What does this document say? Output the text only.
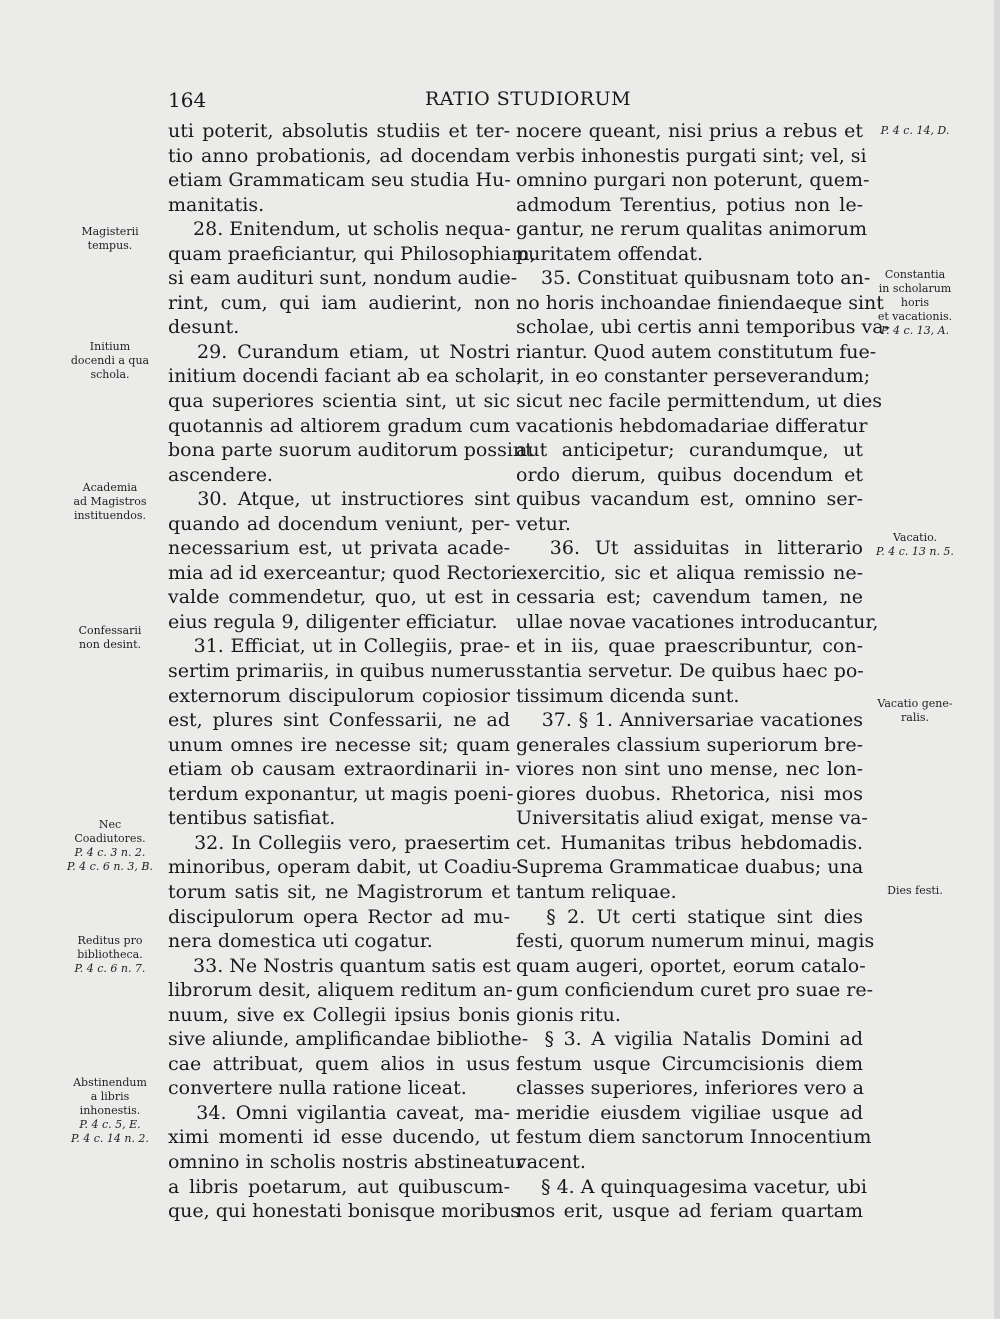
164	RATIO STUDIORUM

uti poterit, absolutis studiis et ter-

tio anno probationis, ad docendam

etiam Grammaticam seu studia Hu-

manitatis.

  28. Enitendum, ut scholis nequa-

quam praeficiantur, qui Philosophiam,

si eam audituri sunt, nondum audie-

rint, cum, qui iam audierint, non

desunt.

  29. Curandum etiam, ut Nostri

initium docendi faciant ab ea schola,

qua superiores scientia sint, ut sic

quotannis ad altiorem gradum cum

bona parte suorum auditorum possint

ascendere.

  30. Atque, ut instructiores sint

quando ad docendum veniunt, per-

necessarium est, ut privata acade-

mia ad id exerceantur; quod Rectori

valde commendetur, quo, ut est in

eius regula 9, diligenter efficiatur.

  31. Efficiat, ut in Collegiis, prae-

sertim primariis, in quibus numerus

externorum discipulorum copiosior

est, plures sint Confessarii, ne ad

unum omnes ire necesse sit; quam

etiam ob causam extraordinarii in-

terdum exponantur, ut magis poeni-

tentibus satisfiat.

  32. In Collegiis vero, praesertim

minoribus, operam dabit, ut Coadiu-

torum satis sit, ne Magistrorum et

discipulorum opera Rector ad mu-

nera domestica uti cogatur.

  33. Ne Nostris quantum satis est

librorum desit, aliquem reditum an-

nuum, sive ex Collegii ipsius bonis

sive aliunde, amplificandae bibliothe-

cae attribuat, quem alios in usus

convertere nulla ratione liceat.

  34. Omni vigilantia caveat, ma-

ximi momenti id esse ducendo, ut

omnino in scholis nostris abstineatur

a libris poetarum, aut quibuscum-

que, qui honestati bonisque moribus

nocere queant, nisi prius a rebus et

verbis inhonestis purgati sint; vel, si

omnino purgari non poterunt, quem-

admodum Terentius, potius non le-

gantur, ne rerum qualitas animorum

puritatem offendat.

  35. Constituat quibusnam toto an-

no horis inchoandae finiendaeque sint

scholae, ubi certis anni temporibus va-

riantur. Quod autem constitutum fue-

rit, in eo constanter perseverandum;

sicut nec facile permittendum, ut dies

vacationis hebdomadariae differatur

aut anticipetur; curandumque, ut

ordo dierum, quibus docendum et

quibus vacandum est, omnino ser-

vetur.

  36. Ut assiduitas in litterario

exercitio, sic et aliqua remissio ne-

cessaria est; cavendum tamen, ne

ullae novae vacationes introducantur,

et in iis, quae praescribuntur, con-

stantia servetur. De quibus haec po-

tissimum dicenda sunt.

  37. § 1. Anniversariae vacationes

generales classium superiorum bre-

viores non sint uno mense, nec lon-

giores duobus. Rhetorica, nisi mos

Universitatis aliud exigat, mense va-

cet. Humanitas tribus hebdomadis.

Suprema Grammaticae duabus; una

tantum reliquae.

  § 2. Ut certi statique sint dies

festi, quorum numerum minui, magis

quam augeri, oportet, eorum catalo-

gum conficiendum curet pro suae re-

gionis ritu.

  § 3. A vigilia Natalis Domini ad

festum usque Circumcisionis diem

classes superiores, inferiores vero a

meridie eiusdem vigiliae usque ad

festum diem sanctorum Innocentium

vacent.

  § 4. A quinquagesima vacetur, ubi

mos erit, usque ad feriam quartam

Magisterii
tempus.
Initium
docendi a qua
schola.
Academia
ad Magistros
instituendos.
Confessarii
non desint.
Nec
Coadiutores.
P. 4 c. 3 n. 2.
P. 4 c. 6 n. 3, B.
Reditus pro
bibliotheca.
P. 4 c. 6 n. 7.
Abstinendum
a libris
inhonestis.
P. 4 c. 5, E.
P. 4 c. 14 n. 2.
P. 4 c. 14, D.
Constantia
in scholarum
horis
et vacationis.
P. 4 c. 13, A.
Vacatio.
P. 4 c. 13 n. 5.
Vacatio gene-
ralis.
Dies festi.
